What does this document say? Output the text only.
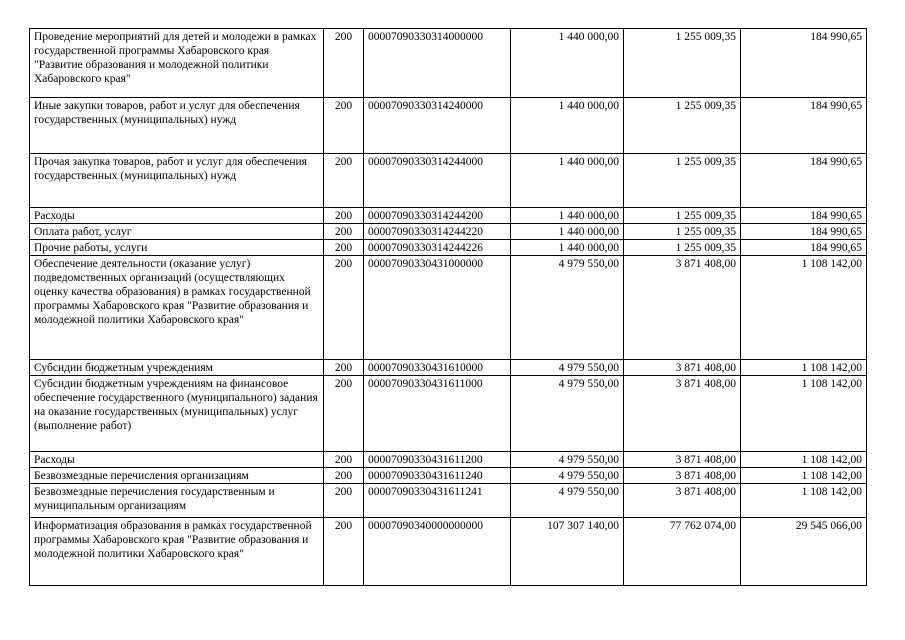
Проведение мероприятий для детей и молодежи в рамках государственной программы Хабаровского края "Развитие образования и молодежной политики Хабаровского края"	200	00007090330314000000	1 440 000,00	1 255 009,35	184 990,65
Иные закупки товаров, работ и услуг для обеспечения государственных (муниципальных) нужд	200	00007090330314240000	1 440 000,00	1 255 009,35	184 990,65
Прочая закупка товаров, работ и услуг для обеспечения государственных (муниципальных) нужд	200	00007090330314244000	1 440 000,00	1 255 009,35	184 990,65
Расходы	200	00007090330314244200	1 440 000,00	1 255 009,35	184 990,65
Оплата работ, услуг	200	00007090330314244220	1 440 000,00	1 255 009,35	184 990,65
Прочие работы, услуги	200	00007090330314244226	1 440 000,00	1 255 009,35	184 990,65
Обеспечение деятельности (оказание услуг) подведомственных организаций (осуществляющих оценку качества образования) в рамках государственной программы Хабаровского края "Развитие образования и молодежной политики Хабаровского края"	200	00007090330431000000	4 979 550,00	3 871 408,00	1 108 142,00
Субсидии бюджетным учреждениям	200	00007090330431610000	4 979 550,00	3 871 408,00	1 108 142,00
Субсидии бюджетным учреждениям на финансовое обеспечение государственного (муниципального) задания на оказание государственных (муниципальных) услуг (выполнение работ)	200	00007090330431611000	4 979 550,00	3 871 408,00	1 108 142,00
Расходы	200	00007090330431611200	4 979 550,00	3 871 408,00	1 108 142,00
Безвозмездные перечисления организациям	200	00007090330431611240	4 979 550,00	3 871 408,00	1 108 142,00
Безвозмездные перечисления государственным и муниципальным организациям	200	00007090330431611241	4 979 550,00	3 871 408,00	1 108 142,00
Информатизация образования в рамках государственной программы Хабаровского края "Развитие образования и молодежной политики Хабаровского края"	200	00007090340000000000	107 307 140,00	77 762 074,00	29 545 066,00
